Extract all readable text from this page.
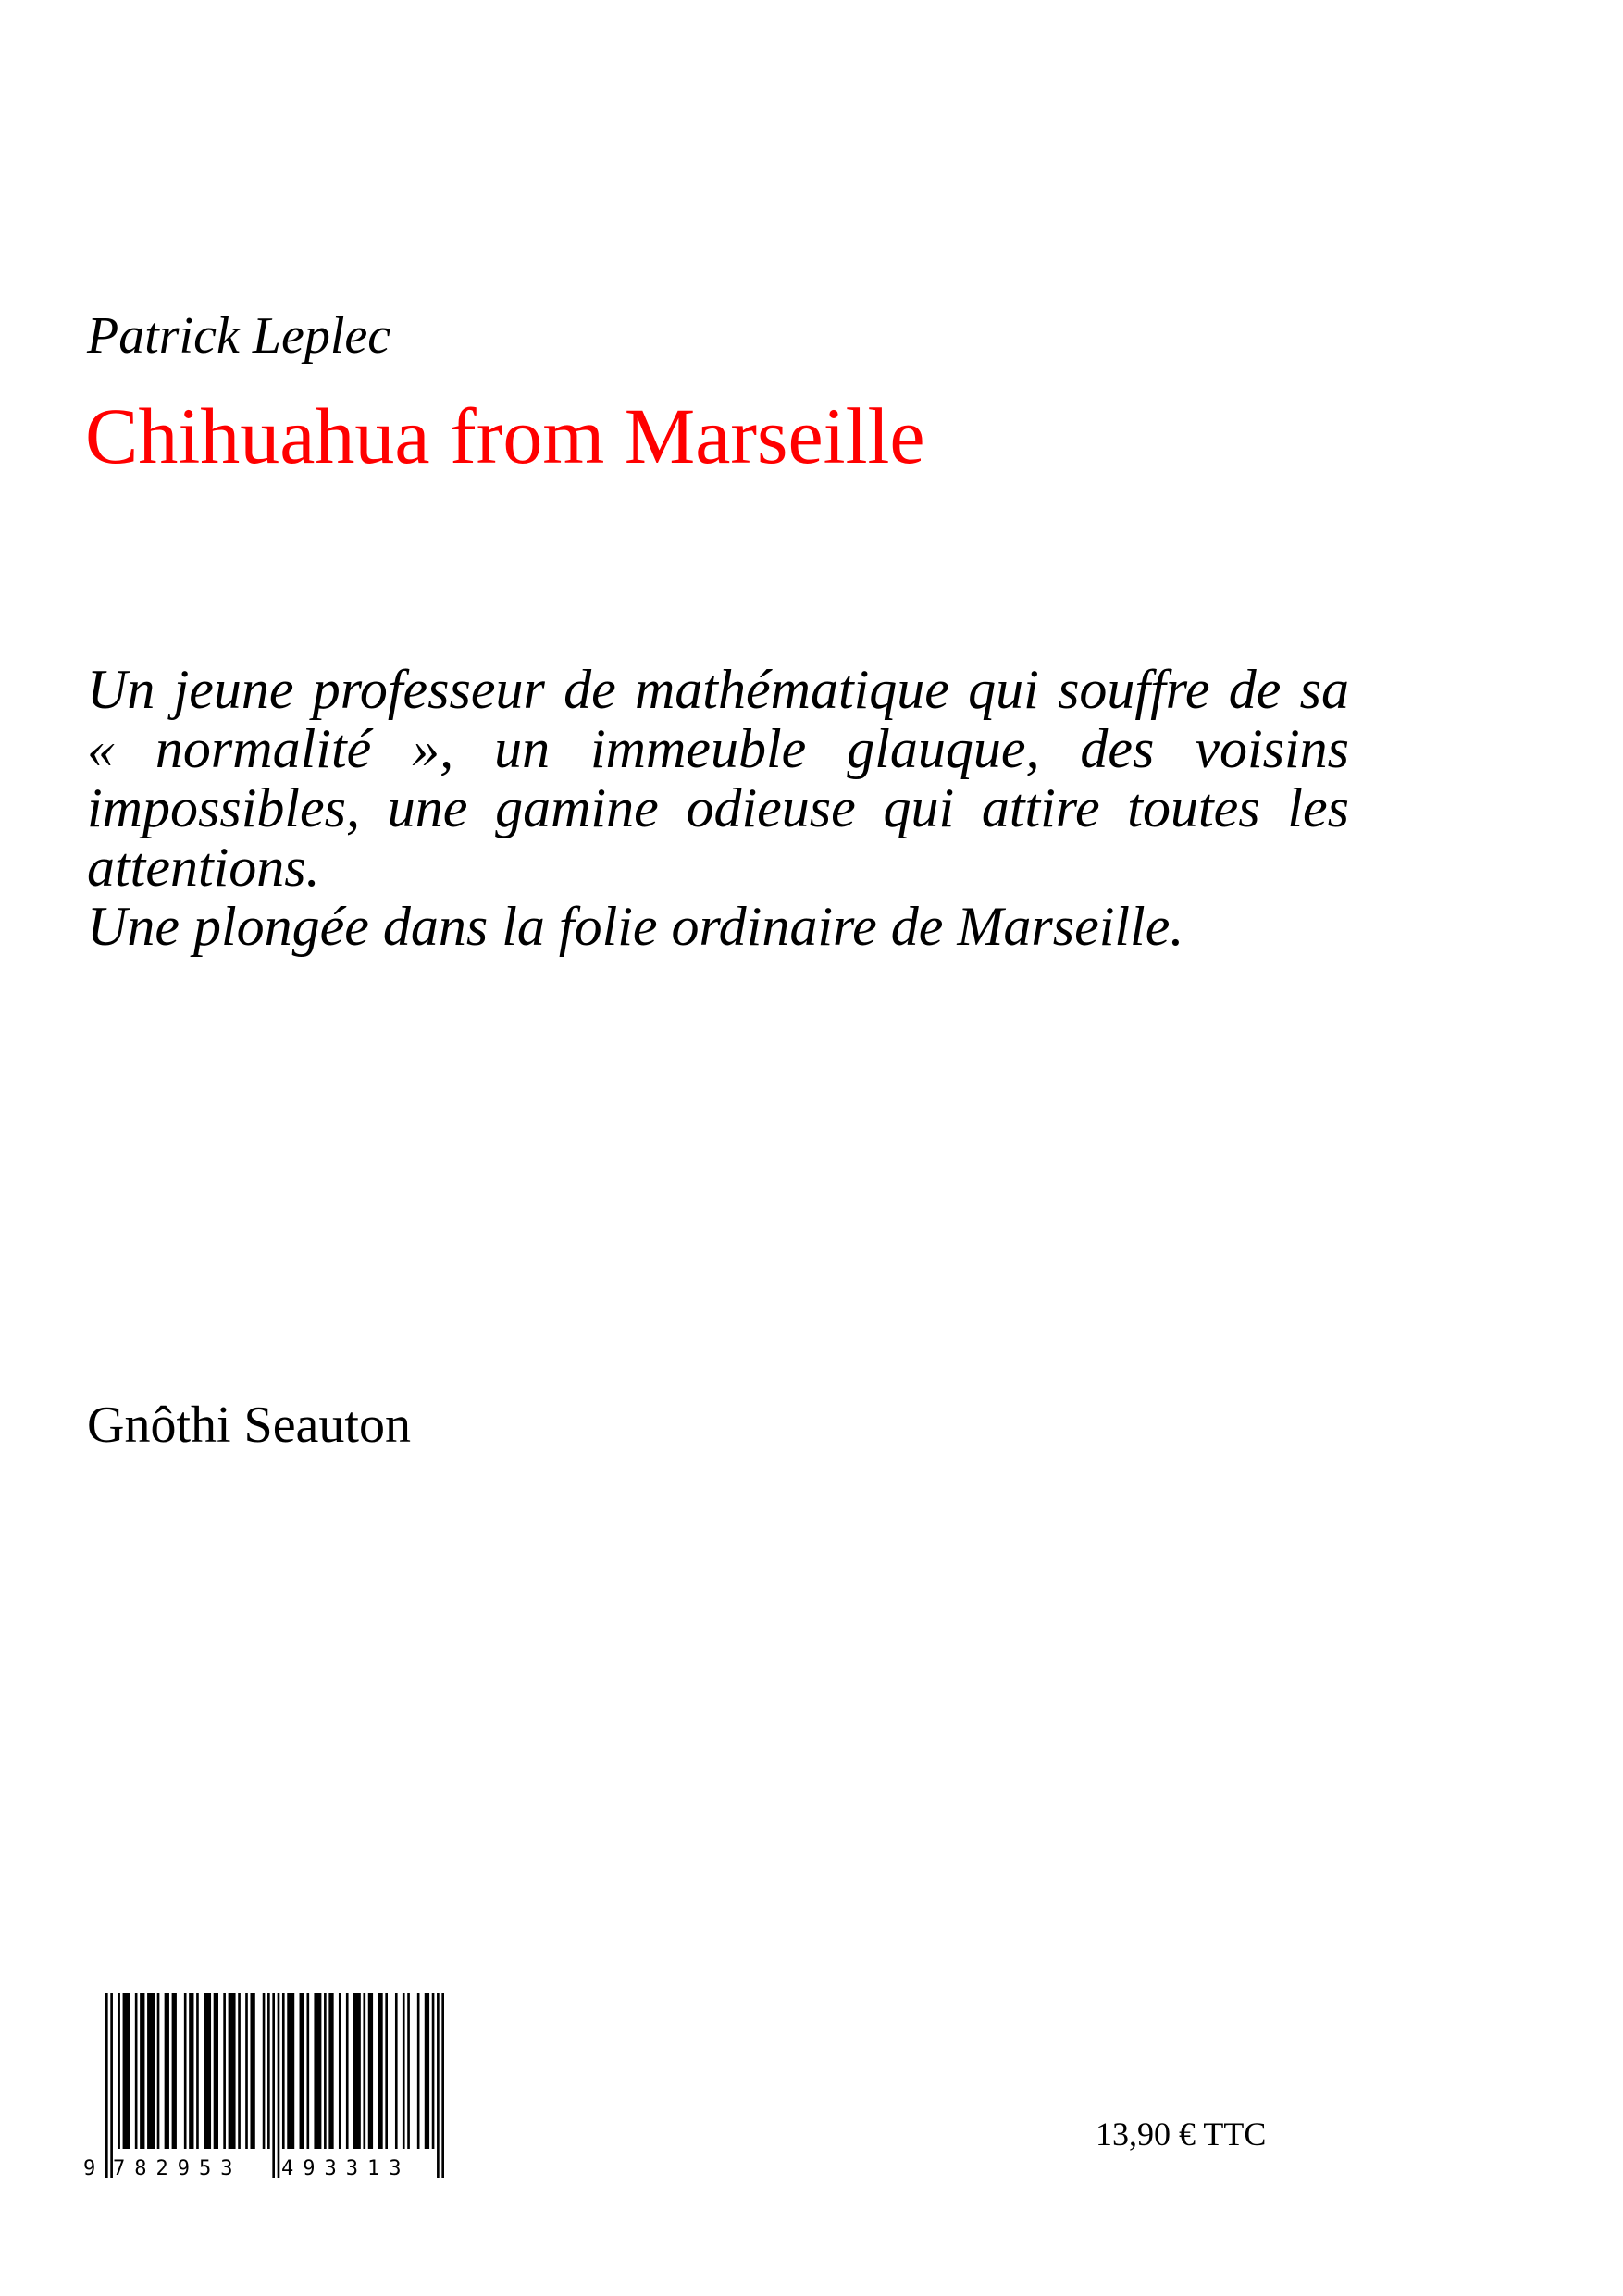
Patrick Leplec
Chihuahua from Marseille

Un jeune professeur de mathématique qui souffre de sa « normalité », un immeuble glauque, des voisins impossibles, une gamine odieuse qui attire toutes les attentions.

Une plongée dans la folie ordinaire de Marseille.

Gnôthi Seauton
9 782953 493313
13,90 € TTC
